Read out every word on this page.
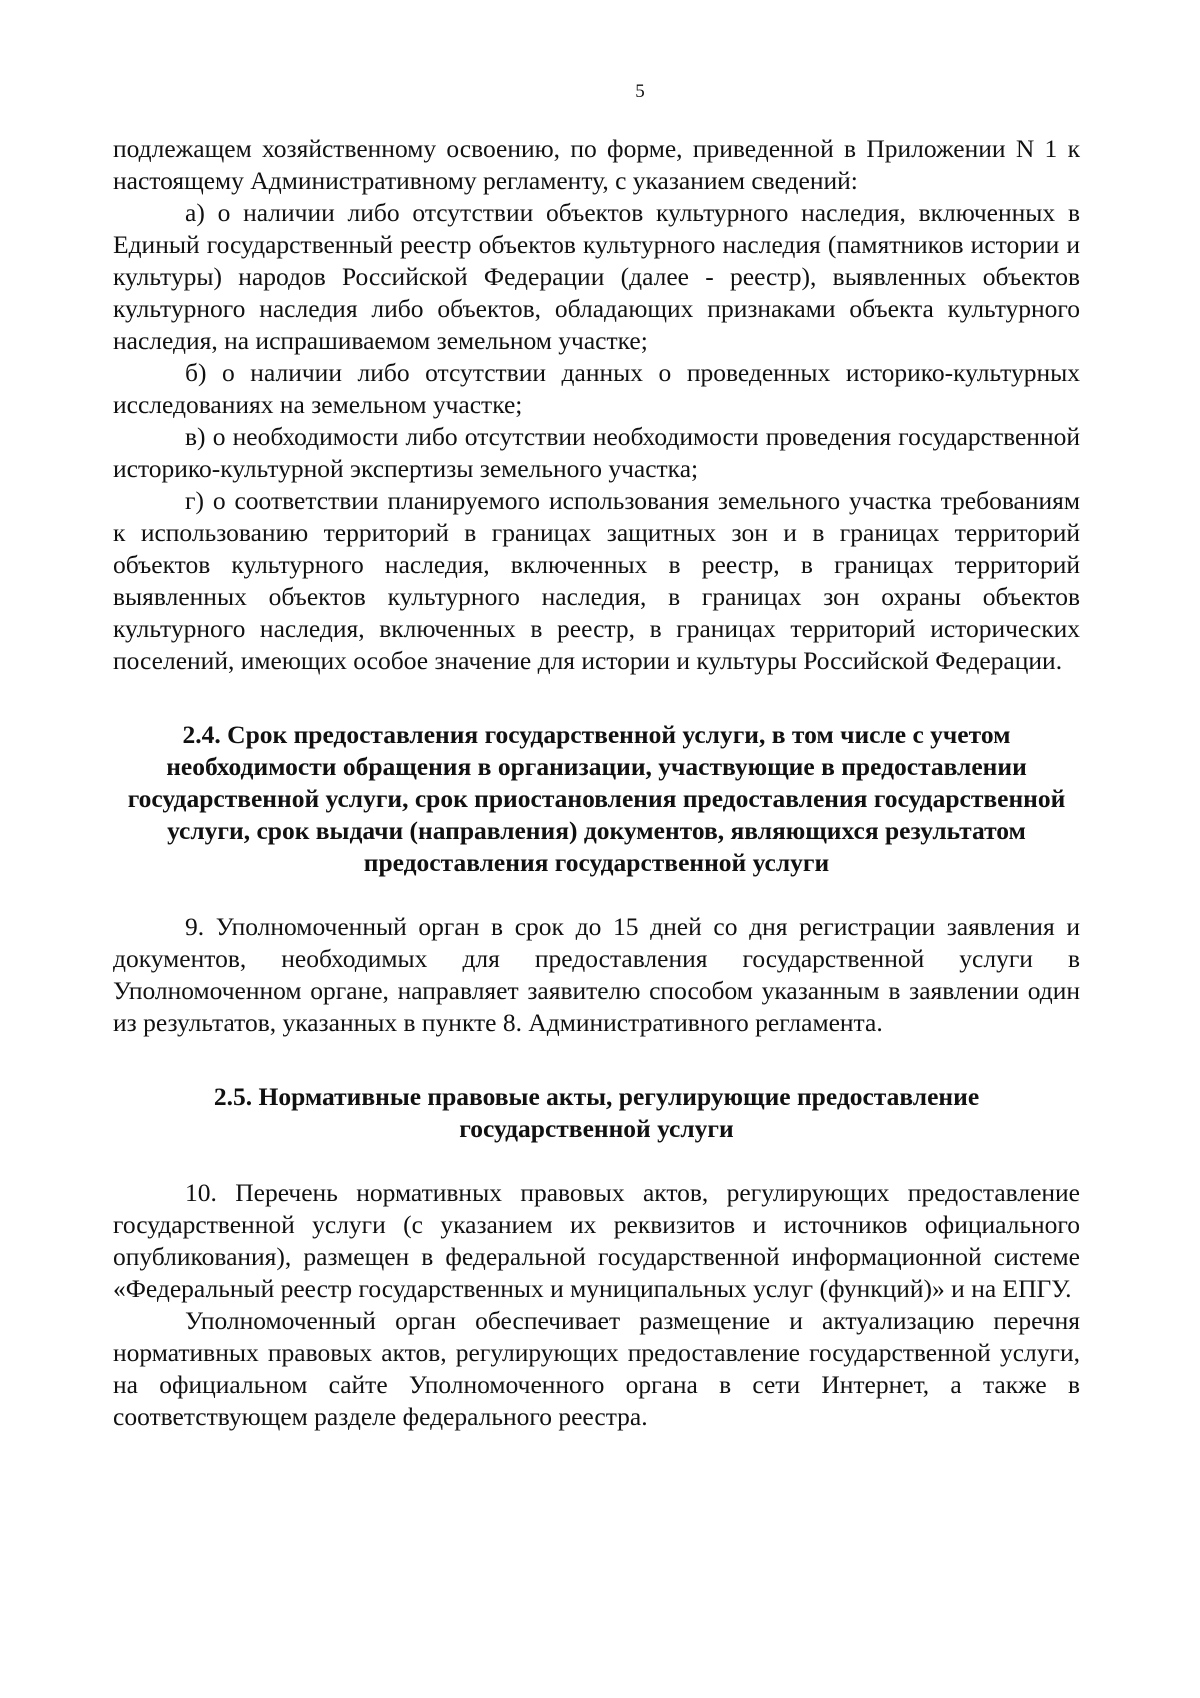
5

подлежащем хозяйственному освоению, по форме, приведенной в Приложении N 1 к настоящему Административному регламенту, с указанием сведений:

а) о наличии либо отсутствии объектов культурного наследия, включенных в Единый государственный реестр объектов культурного наследия (памятников истории и культуры) народов Российской Федерации (далее - реестр), выявленных объектов культурного наследия либо объектов, обладающих признаками объекта культурного наследия, на испрашиваемом земельном участке;

б) о наличии либо отсутствии данных о проведенных историко-культурных исследованиях на земельном участке;

в) о необходимости либо отсутствии необходимости проведения государственной историко-культурной экспертизы земельного участка;

г) о соответствии планируемого использования земельного участка требованиям к использованию территорий в границах защитных зон и в границах территорий объектов культурного наследия, включенных в реестр, в границах территорий выявленных объектов культурного наследия, в границах зон охраны объектов культурного наследия, включенных в реестр, в границах территорий исторических поселений, имеющих особое значение для истории и культуры Российской Федерации.

2.4. Срок предоставления государственной услуги, в том числе с учетом необходимости обращения в организации, участвующие в предоставлении государственной услуги, срок приостановления предоставления государственной услуги, срок выдачи (направления) документов, являющихся результатом предоставления государственной услуги

9. Уполномоченный орган в срок до 15 дней со дня регистрации заявления и документов, необходимых для предоставления государственной услуги в Уполномоченном органе, направляет заявителю способом указанным в заявлении один из результатов, указанных в пункте 8. Административного регламента.

2.5. Нормативные правовые акты, регулирующие предоставление государственной услуги

10. Перечень нормативных правовых актов, регулирующих предоставление государственной услуги (с указанием их реквизитов и источников официального опубликования), размещен в федеральной государственной информационной системе «Федеральный реестр государственных и муниципальных услуг (функций)» и на ЕПГУ.

Уполномоченный орган обеспечивает размещение и актуализацию перечня нормативных правовых актов, регулирующих предоставление государственной услуги, на официальном сайте Уполномоченного органа в сети Интернет, а также в соответствующем разделе федерального реестра.
